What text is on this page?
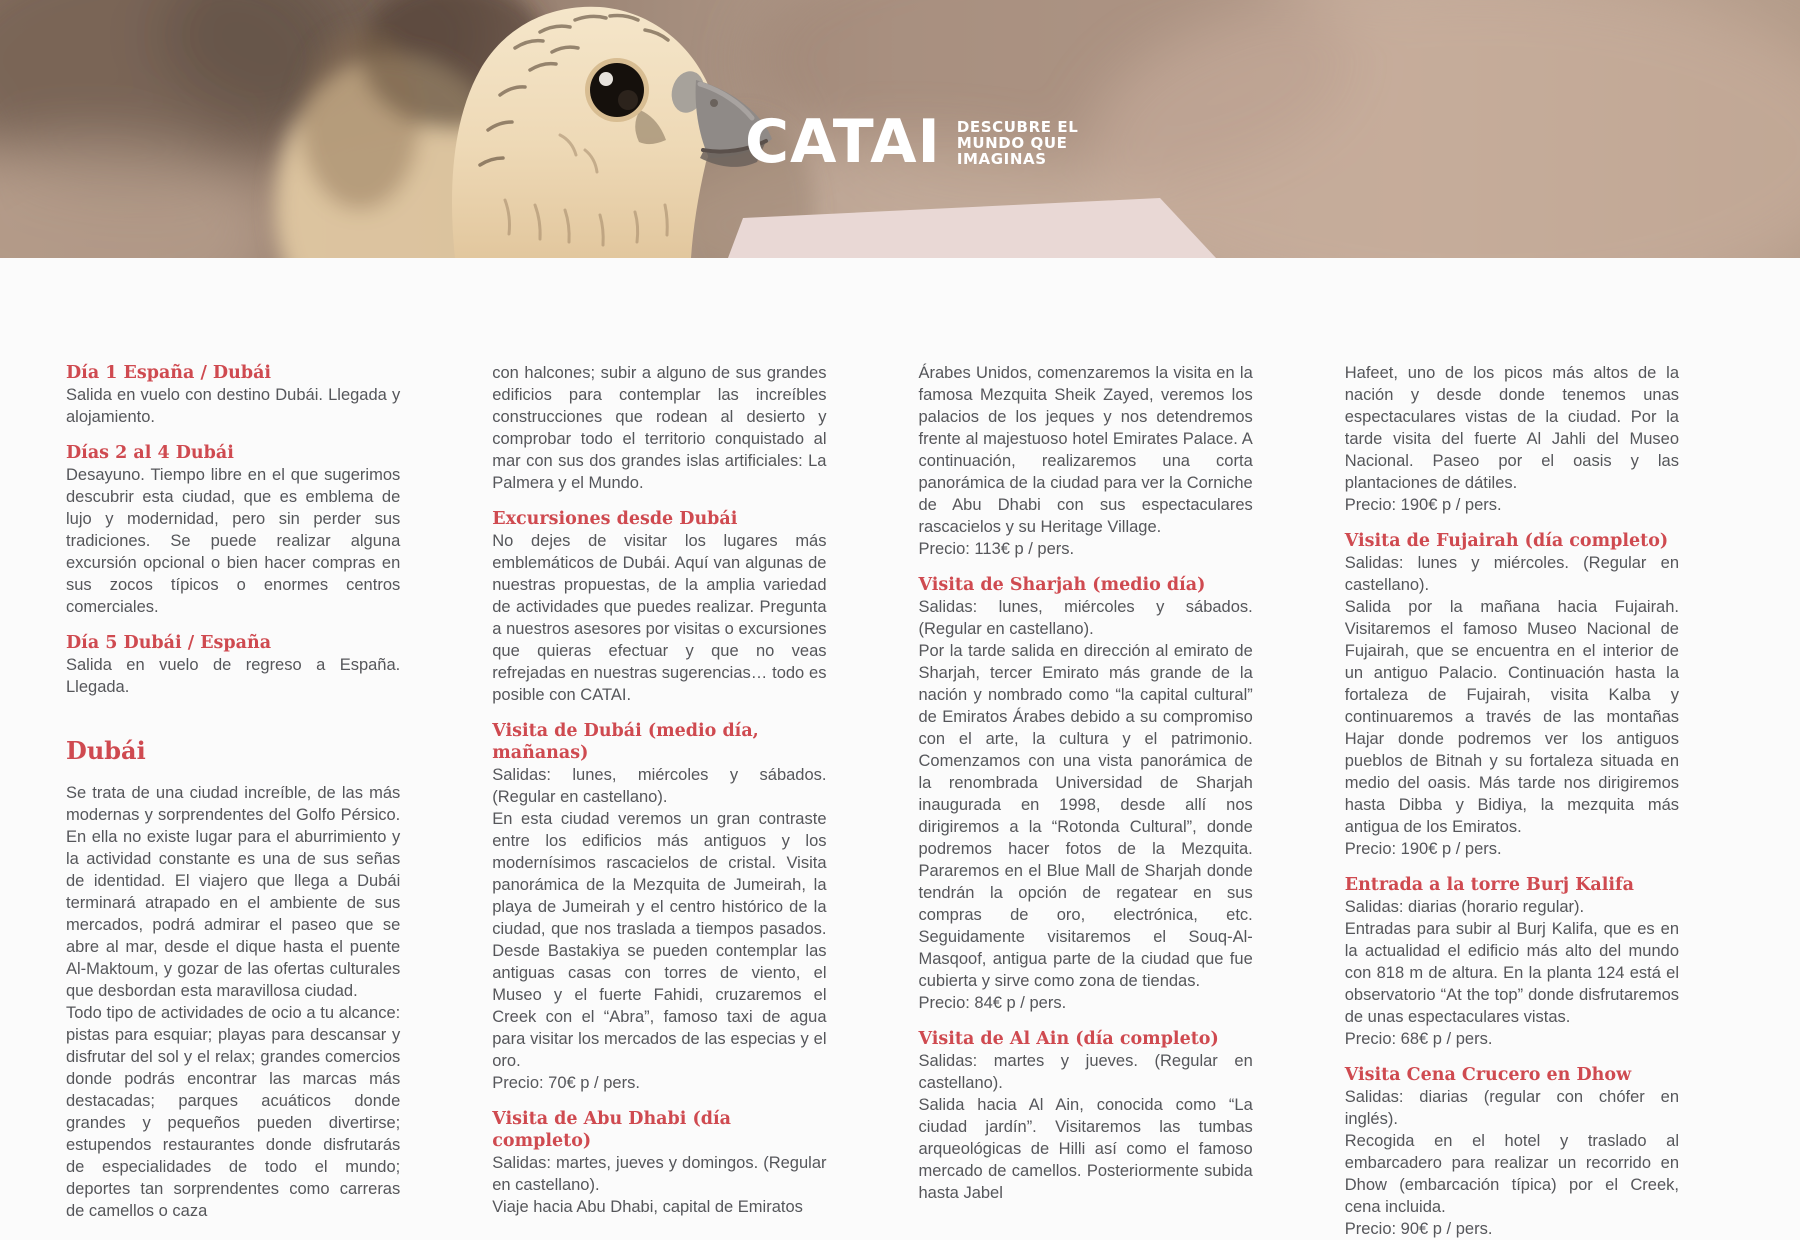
CATAI DESCUBRE EL
MUNDO QUE
IMAGINAS
Día 1 España / Dubái

Salida en vuelo con destino Dubái. Llegada y alojamiento.

Días 2 al 4 Dubái

Desayuno. Tiempo libre en el que sugerimos descubrir esta ciudad, que es emblema de lujo y modernidad, pero sin perder sus tradiciones. Se puede realizar alguna excursión opcional o bien hacer compras en sus zocos típicos o enormes centros comerciales.

Día 5 Dubái / España

Salida en vuelo de regreso a España. Llegada.

Dubái

Se trata de una ciudad increíble, de las más modernas y sorprendentes del Golfo Pérsico. En ella no existe lugar para el aburrimiento y la actividad constante es una de sus señas de identidad. El viajero que llega a Dubái terminará atrapado en el ambiente de sus mercados, podrá admirar el paseo que se abre al mar, desde el dique hasta el puente Al-Maktoum, y gozar de las ofertas culturales que desbordan esta maravillosa ciudad.

Todo tipo de actividades de ocio a tu alcance: pistas para esquiar; playas para descansar y disfrutar del sol y el relax; grandes comercios donde podrás encontrar las marcas más destacadas; parques acuáticos donde grandes y pequeños pueden divertirse; estupendos restaurantes donde disfrutarás de especialidades de todo el mundo; deportes tan sorprendentes como carreras de camellos o caza

con halcones; subir a alguno de sus grandes edificios para contemplar las increíbles construcciones que rodean al desierto y comprobar todo el territorio conquistado al mar con sus dos grandes islas artificiales: La Palmera y el Mundo.

Excursiones desde Dubái

No dejes de visitar los lugares más emblemáticos de Dubái. Aquí van algunas de nuestras propuestas, de la amplia variedad de actividades que puedes realizar. Pregunta a nuestros asesores por visitas o excursiones que quieras efectuar y que no veas refrejadas en nuestras sugerencias… todo es posible con CATAI.

Visita de Dubái (medio día, mañanas)

Salidas: lunes, miércoles y sábados. (Regular en castellano).

En esta ciudad veremos un gran contraste entre los edificios más antiguos y los modernísimos rascacielos de cristal. Visita panorámica de la Mezquita de Jumeirah, la playa de Jumeirah y el centro histórico de la ciudad, que nos traslada a tiempos pasados. Desde Bastakiya se pueden contemplar las antiguas casas con torres de viento, el Museo y el fuerte Fahidi, cruzaremos el Creek con el “Abra”, famoso taxi de agua para visitar los mercados de las especias y el oro.

Precio: 70€ p / pers.

Visita de Abu Dhabi (día completo)

Salidas: martes, jueves y domingos. (Regular en castellano).

Viaje hacia Abu Dhabi, capital de Emiratos

Árabes Unidos, comenzaremos la visita en la famosa Mezquita Sheik Zayed, veremos los palacios de los jeques y nos detendremos frente al majestuoso hotel Emirates Palace. A continuación, realizaremos una corta panorámica de la ciudad para ver la Corniche de Abu Dhabi con sus espectaculares rascacielos y su Heritage Village.

Precio: 113€ p / pers.

Visita de Sharjah (medio día)

Salidas: lunes, miércoles y sábados. (Regular en castellano).

Por la tarde salida en dirección al emirato de Sharjah, tercer Emirato más grande de la nación y nombrado como “la capital cultural” de Emiratos Árabes debido a su compromiso con el arte, la cultura y el patrimonio. Comenzamos con una vista panorámica de la renombrada Universidad de Sharjah inaugurada en 1998, desde allí nos dirigiremos a la “Rotonda Cultural”, donde podremos hacer fotos de la Mezquita. Pararemos en el Blue Mall de Sharjah donde tendrán la opción de regatear en sus compras de oro, electrónica, etc. Seguidamente visitaremos el Souq-Al-Masqoof, antigua parte de la ciudad que fue cubierta y sirve como zona de tiendas.

Precio: 84€ p / pers.

Visita de Al Ain (día completo)

Salidas: martes y jueves. (Regular en castellano).

Salida hacia Al Ain, conocida como “La ciudad jardín”. Visitaremos las tumbas arqueológicas de Hilli así como el famoso mercado de camellos. Posteriormente subida hasta Jabel

Hafeet, uno de los picos más altos de la nación y desde donde tenemos unas espectaculares vistas de la ciudad. Por la tarde visita del fuerte Al Jahli del Museo Nacional. Paseo por el oasis y las plantaciones de dátiles.

Precio: 190€ p / pers.

Visita de Fujairah (día completo)

Salidas: lunes y miércoles. (Regular en castellano).

Salida por la mañana hacia Fujairah. Visitaremos el famoso Museo Nacional de Fujairah, que se encuentra en el interior de un antiguo Palacio. Continuación hasta la fortaleza de Fujairah, visita Kalba y continuaremos a través de las montañas Hajar donde podremos ver los antiguos pueblos de Bitnah y su fortaleza situada en medio del oasis. Más tarde nos dirigiremos hasta Dibba y Bidiya, la mezquita más antigua de los Emiratos.

Precio: 190€ p / pers.

Entrada a la torre Burj Kalifa

Salidas: diarias (horario regular).

Entradas para subir al Burj Kalifa, que es en la actualidad el edificio más alto del mundo con 818 m de altura. En la planta 124 está el observatorio “At the top” donde disfrutaremos de unas espectaculares vistas.

Precio: 68€ p / pers.

Visita Cena Crucero en Dhow

Salidas: diarias (regular con chófer en inglés).

Recogida en el hotel y traslado al embarcadero para realizar un recorrido en Dhow (embarcación típica) por el Creek, cena incluida.

Precio: 90€ p / pers.
